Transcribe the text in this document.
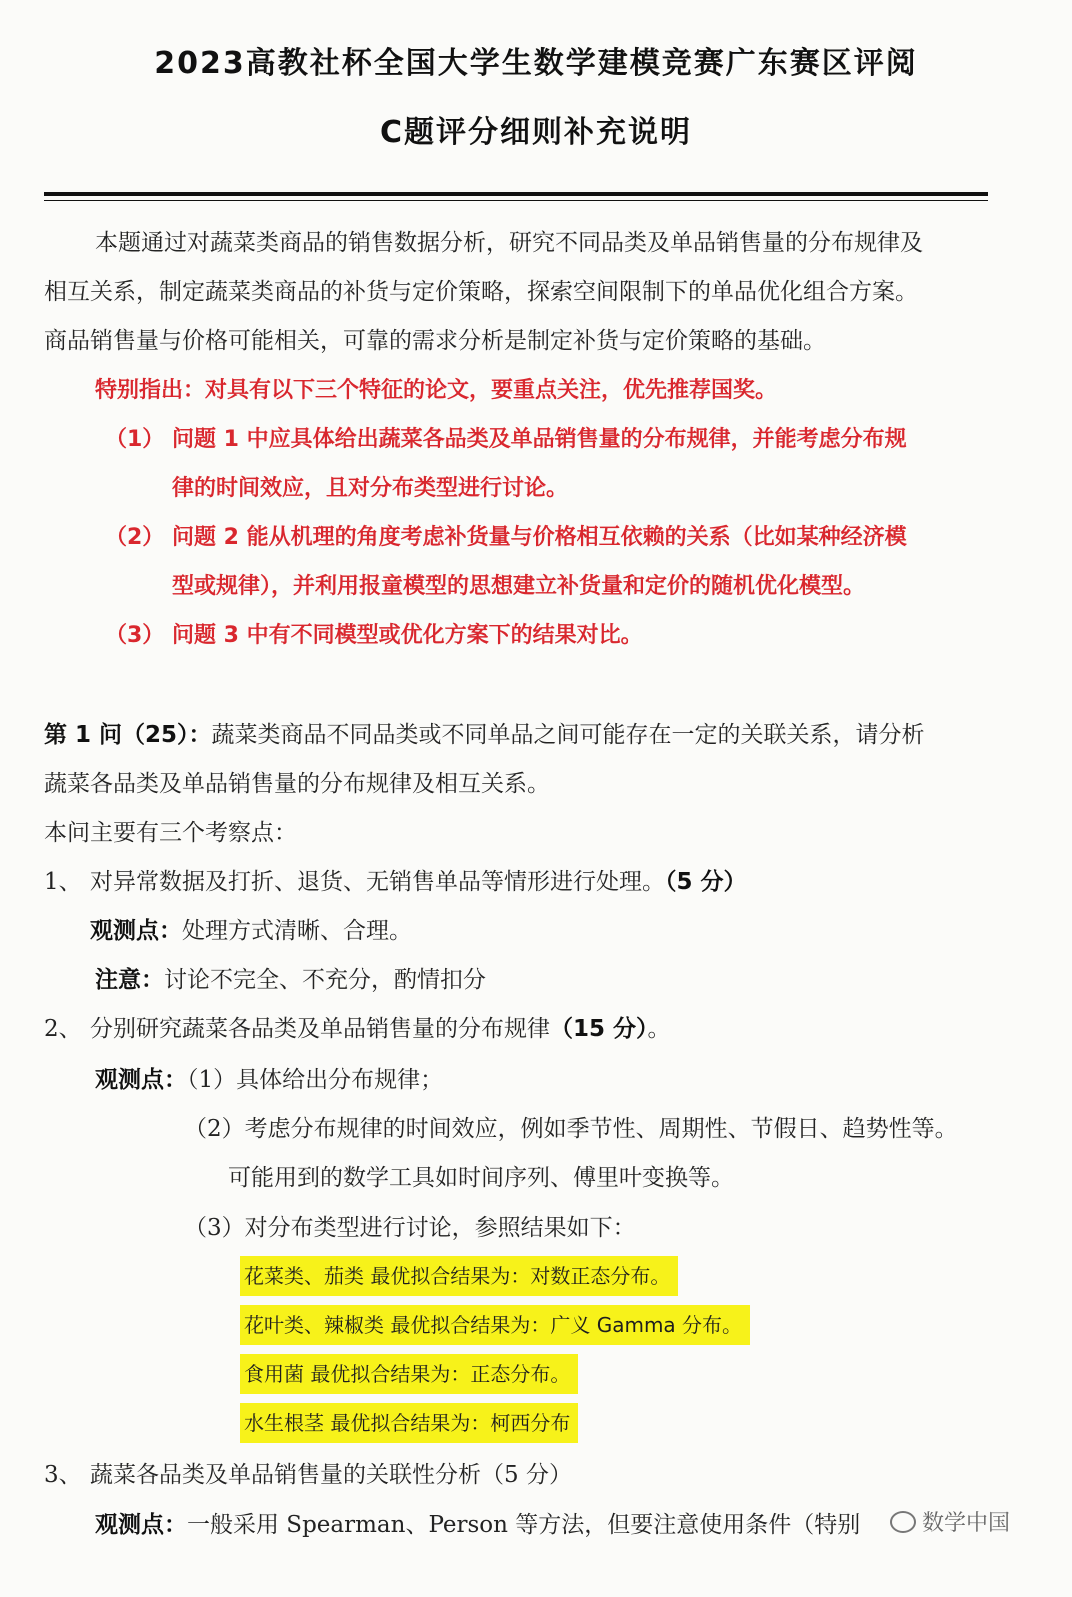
2023高教社杯全国大学生数学建模竞赛广东赛区评阅
C题评分细则补充说明
本题通过对蔬菜类商品的销售数据分析，研究不同品类及单品销售量的分布规律及
相互关系，制定蔬菜类商品的补货与定价策略，探索空间限制下的单品优化组合方案。
商品销售量与价格可能相关，可靠的需求分析是制定补货与定价策略的基础。
特别指出：对具有以下三个特征的论文，要重点关注，优先推荐国奖。
（1） 问题 1 中应具体给出蔬菜各品类及单品销售量的分布规律，并能考虑分布规
律的时间效应，且对分布类型进行讨论。
（2） 问题 2 能从机理的角度考虑补货量与价格相互依赖的关系（比如某种经济模
型或规律），并利用报童模型的思想建立补货量和定价的随机优化模型。
（3） 问题 3 中有不同模型或优化方案下的结果对比。
第 1 问（25）：蔬菜类商品不同品类或不同单品之间可能存在一定的关联关系，请分析
蔬菜各品类及单品销售量的分布规律及相互关系。
本问主要有三个考察点：
1、 对异常数据及打折、退货、无销售单品等情形进行处理。（5 分）
观测点：处理方式清晰、合理。
注意：讨论不完全、不充分，酌情扣分
2、 分别研究蔬菜各品类及单品销售量的分布规律（15 分）。
观测点：（1）具体给出分布规律；
（2）考虑分布规律的时间效应，例如季节性、周期性、节假日、趋势性等。
可能用到的数学工具如时间序列、傅里叶变换等。
（3）对分布类型进行讨论，参照结果如下：
花菜类、茄类 最优拟合结果为：对数正态分布。
花叶类、辣椒类 最优拟合结果为：广义 Gamma 分布。
食用菌 最优拟合结果为：正态分布。
水生根茎 最优拟合结果为：柯西分布
3、 蔬菜各品类及单品销售量的关联性分析（5 分）
观测点：一般采用 Spearman、Person 等方法，但要注意使用条件（特别	数学中国
